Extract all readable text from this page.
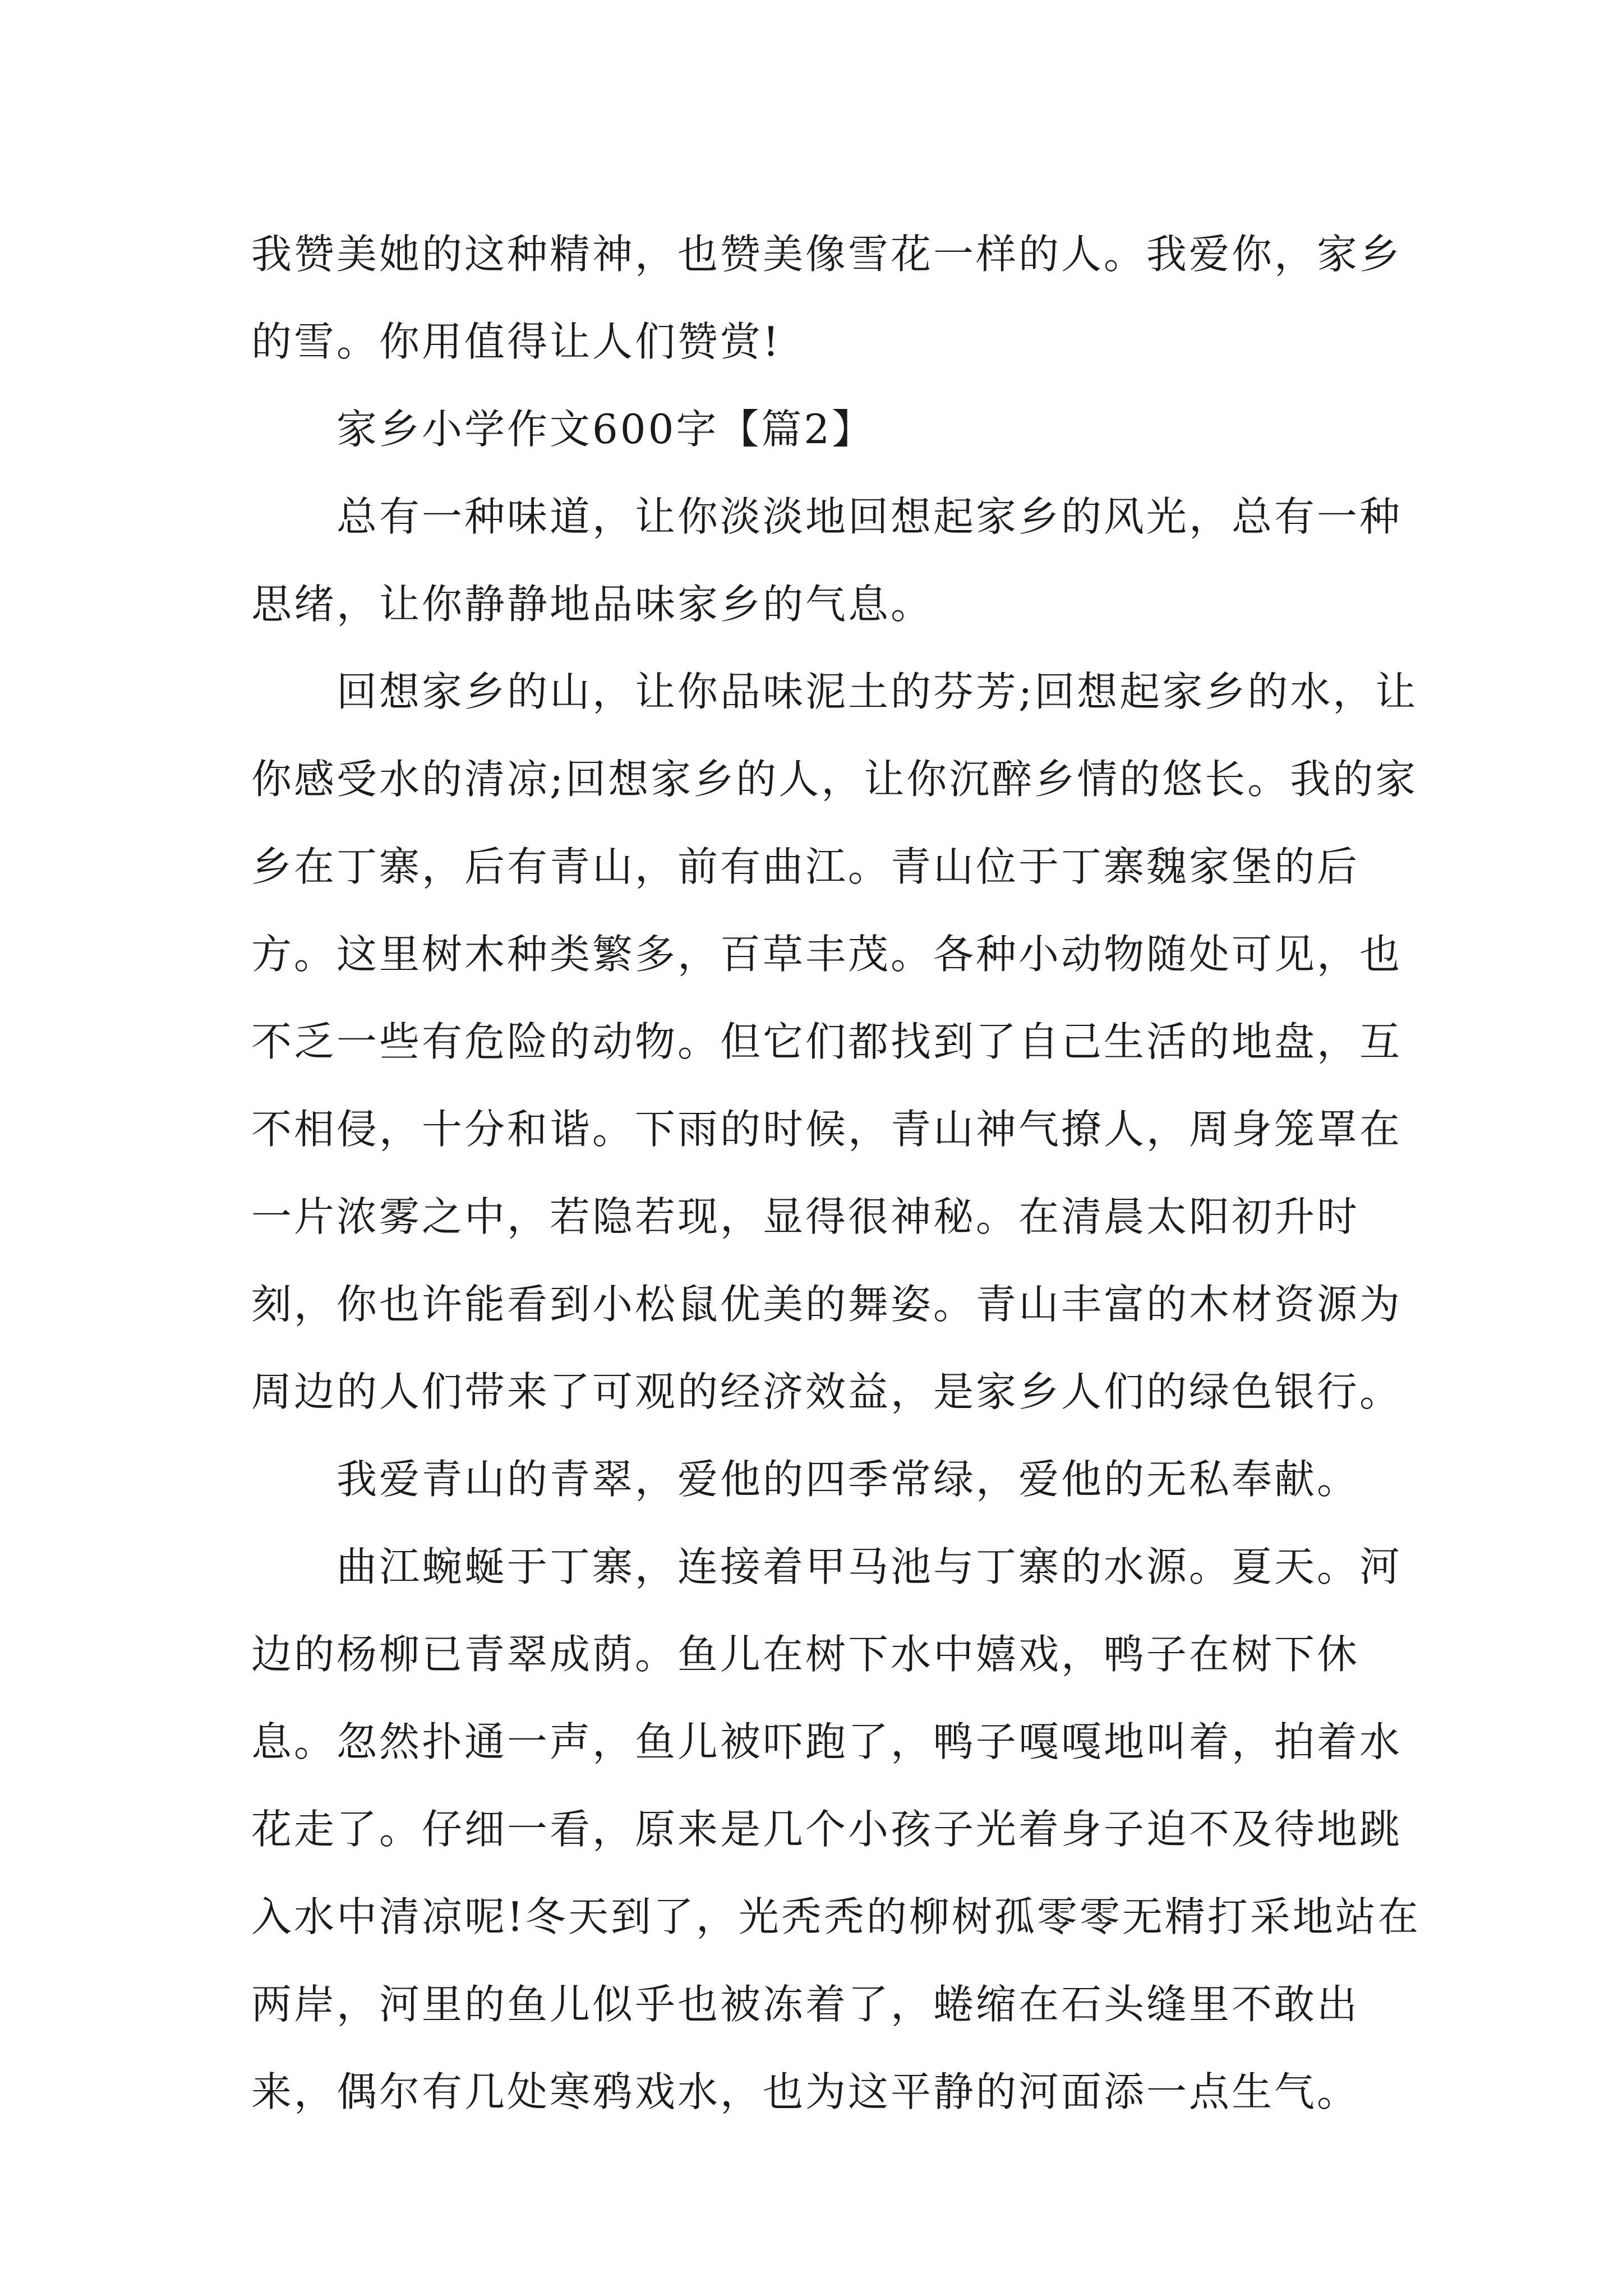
我赞美她的这种精神，也赞美像雪花一样的人。我爱你，家乡的雪。你用值得让人们赞赏!

家乡小学作文600字【篇2】

总有一种味道，让你淡淡地回想起家乡的风光，总有一种思绪，让你静静地品味家乡的气息。

回想家乡的山，让你品味泥土的芬芳;回想起家乡的水，让你感受水的清凉;回想家乡的人，让你沉醉乡情的悠长。我的家乡在丁寨，后有青山，前有曲江。青山位于丁寨魏家堡的后方。这里树木种类繁多，百草丰茂。各种小动物随处可见，也不乏一些有危险的动物。但它们都找到了自己生活的地盘，互不相侵，十分和谐。下雨的时候，青山神气撩人，周身笼罩在一片浓雾之中，若隐若现，显得很神秘。在清晨太阳初升时刻，你也许能看到小松鼠优美的舞姿。青山丰富的木材资源为周边的人们带来了可观的经济效益，是家乡人们的绿色银行。

我爱青山的青翠，爱他的四季常绿，爱他的无私奉献。

曲江蜿蜒于丁寨，连接着甲马池与丁寨的水源。夏天。河边的杨柳已青翠成荫。鱼儿在树下水中嬉戏，鸭子在树下休息。忽然扑通一声，鱼儿被吓跑了，鸭子嘎嘎地叫着，拍着水花走了。仔细一看，原来是几个小孩子光着身子迫不及待地跳入水中清凉呢!冬天到了，光秃秃的柳树孤零零无精打采地站在两岸，河里的鱼儿似乎也被冻着了，蜷缩在石头缝里不敢出来，偶尔有几处寒鸦戏水，也为这平静的河面添一点生气。
